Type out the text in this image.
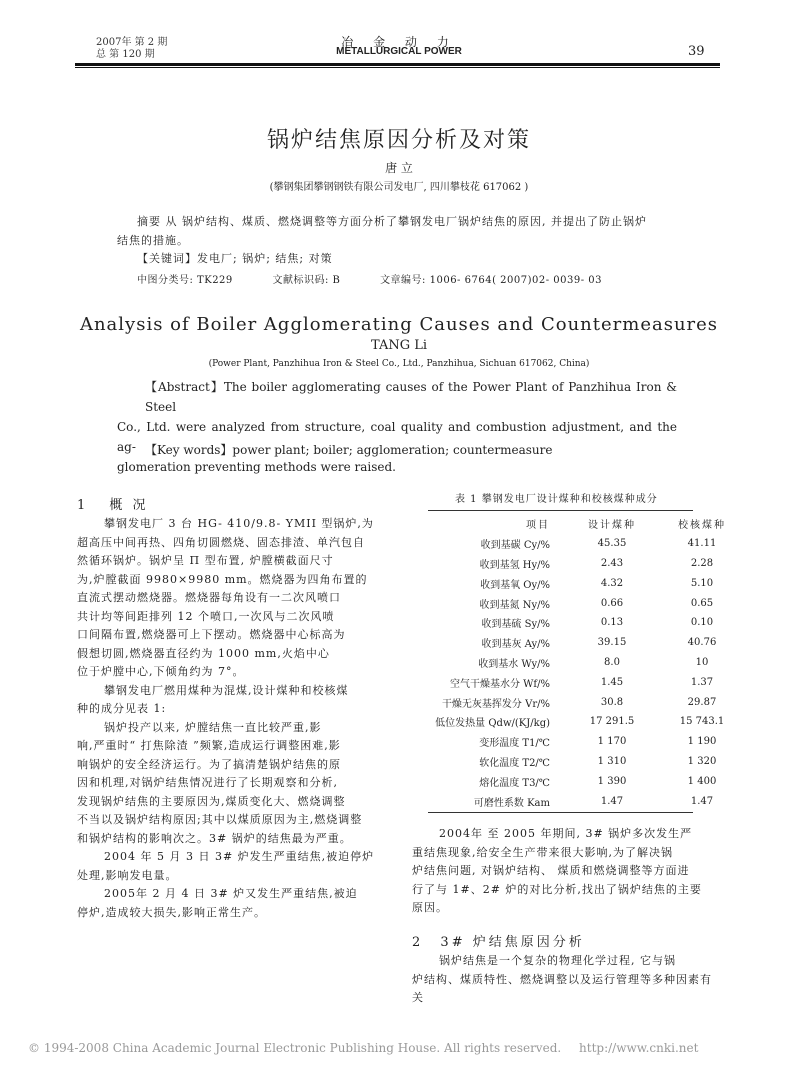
2007年 第 2 期
总 第 120 期
冶 金 动 力
METALLURGICAL POWER	39
锅炉结焦原因分析及对策
唐 立
(攀钢集团攀钢钢铁有限公司发电厂, 四川攀枝花 617062 )
摘要 从 锅炉结构、煤质、燃烧调整等方面分析了攀钢发电厂锅炉结焦的原因, 并提出了防止锅炉
结焦的措施。
【关键词】发电厂; 锅炉; 结焦; 对策
中图分类号: TK229	文献标识码: B	文章编号: 1006- 6764( 2007)02- 0039- 03
Analysis of Boiler Agglomerating Causes and Countermeasures
TANG Li
(Power Plant, Panzhihua Iron & Steel Co., Ltd., Panzhihua, Sichuan 617062, China)
【Abstract】The boiler agglomerating causes of the Power Plant of Panzhihua Iron & Steel
Co., Ltd. were analyzed from structure, coal quality and combustion adjustment, and the ag-
glomeration preventing methods were raised.
【Key words】power plant; boiler; agglomeration; countermeasure
1 概 况
攀钢发电厂 3 台 HG- 410/9.8- YMII 型锅炉,为
超高压中间再热、四角切圆燃烧、固态排渣、单汽包自
然循环锅炉。锅炉呈 Π 型布置, 炉膛横截面尺寸
为,炉膛截面 9980×9980 mm。燃烧器为四角布置的
直流式摆动燃烧器。燃烧器每角设有一二次风喷口
共计均等间距排列 12 个喷口,一次风与二次风喷
口间隔布置,燃烧器可上下摆动。燃烧器中心标高为
假想切圆,燃烧器直径约为 1000 mm,火焰中心
位于炉膛中心,下倾角约为 7°。
攀钢发电厂燃用煤种为混煤,设计煤种和校核煤
种的成分见表 1:
锅炉投产以来, 炉膛结焦一直比较严重,影
响,严重时“ 打焦除渣 ”频繁,造成运行调整困难,影
响锅炉的安全经济运行。为了搞清楚锅炉结焦的原
因和机理,对锅炉结焦情况进行了长期观察和分析,
发现锅炉结焦的主要原因为,煤质变化大、燃烧调整
不当以及锅炉结构原因;其中以煤质原因为主,燃烧调整
和锅炉结构的影响次之。3# 锅炉的结焦最为严重。
2004 年 5 月 3 日 3# 炉发生严重结焦,被迫停炉
处理,影响发电量。
2005年 2 月 4 日 3# 炉又发生严重结焦,被迫
停炉,造成较大损失,影响正常生产。
表 1 攀钢发电厂设计煤种和校核煤种成分
项目	设计煤种	校核煤种
收到基碳 Cy/%	45.35	41.11
收到基氢 Hy/%	2.43	2.28
收到基氧 Oy/%	4.32	5.10
收到基氮 Ny/%	0.66	0.65
收到基硫 Sy/%	0.13	0.10
收到基灰 Ay/%	39.15	40.76
收到基水 Wy/%	8.0	10
空气干燥基水分 Wf/%	1.45	1.37
干燥无灰基挥发分 Vr/%	30.8	29.87
低位发热量 Qdw/(KJ/kg)	17 291.5	15 743.1
变形温度 T1/℃	1 170	1 190
软化温度 T2/℃	1 310	1 320
熔化温度 T3/℃	1 390	1 400
可磨性系数 Kam	1.47	1.47
2004年 至 2005 年期间, 3# 锅炉多次发生严
重结焦现象,给安全生产带来很大影响,为了解决锅
炉结焦问题, 对锅炉结构、 煤质和燃烧调整等方面进
行了与 1#、2# 炉的对比分析,找出了锅炉结焦的主要
原因。
2 3# 炉结焦原因分析
锅炉结焦是一个复杂的物理化学过程, 它与锅
炉结构、煤质特性、燃烧调整以及运行管理等多种因素有关
© 1994-2008 China Academic Journal Electronic Publishing House. All rights reserved. http://www.cnki.net
